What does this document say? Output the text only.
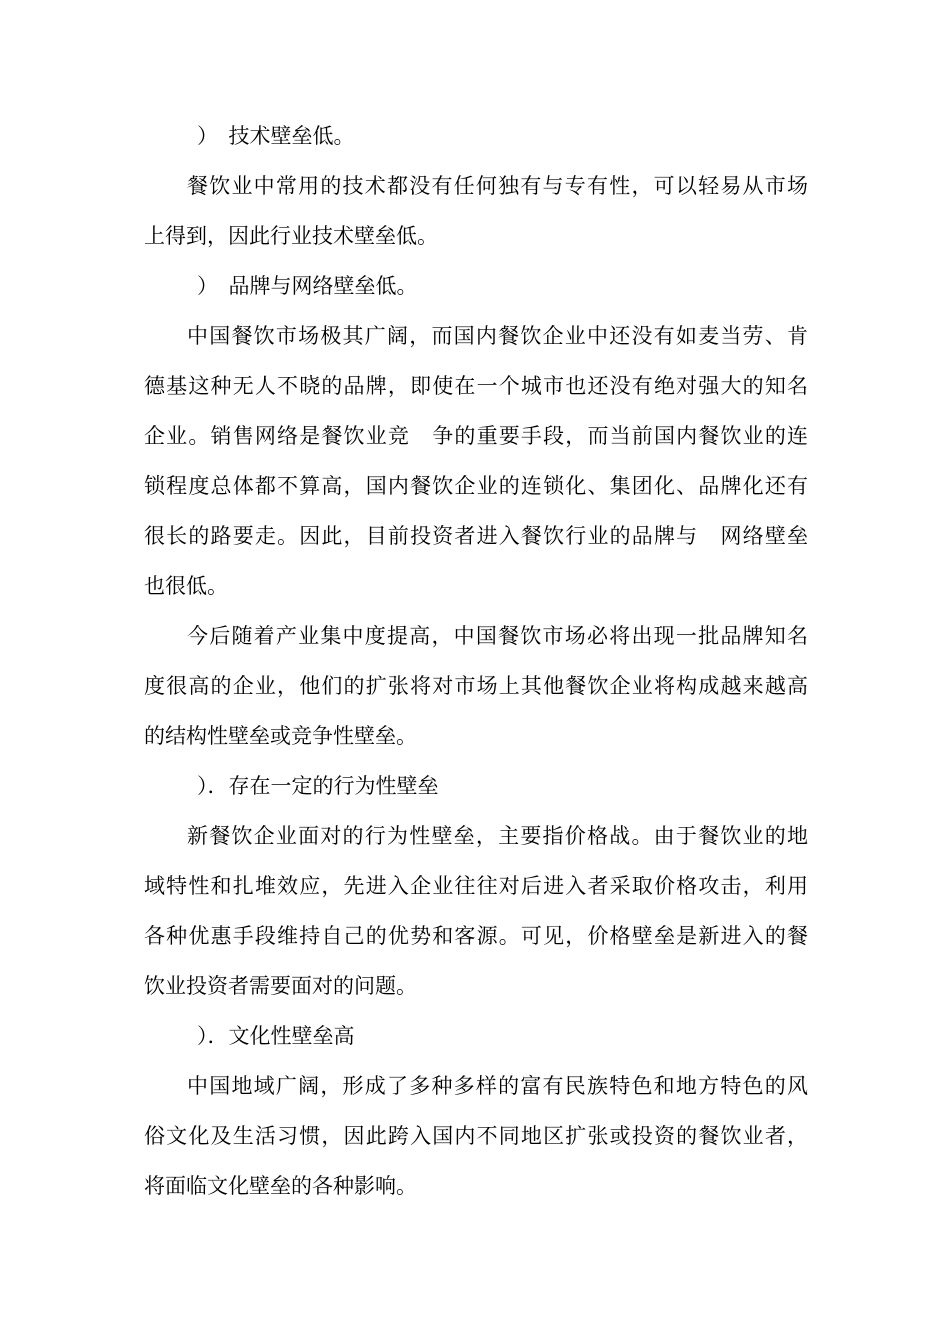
）　技术壁垒低。
餐饮业中常用的技术都没有任何独有与专有性，可以轻易从市场
上得到，因此行业技术壁垒低。
）　品牌与网络壁垒低。
中国餐饮市场极其广阔，而国内餐饮企业中还没有如麦当劳、肯
德基这种无人不晓的品牌，即使在一个城市也还没有绝对强大的知名
企业。销售网络是餐饮业竞　争的重要手段，而当前国内餐饮业的连
锁程度总体都不算高，国内餐饮企业的连锁化、集团化、品牌化还有
很长的路要走。因此，目前投资者进入餐饮行业的品牌与　网络壁垒
也很低。
今后随着产业集中度提高，中国餐饮市场必将出现一批品牌知名
度很高的企业，他们的扩张将对市场上其他餐饮企业将构成越来越高
的结构性壁垒或竞争性壁垒。
）．存在一定的行为性壁垒
新餐饮企业面对的行为性壁垒，主要指价格战。由于餐饮业的地
域特性和扎堆效应，先进入企业往往对后进入者采取价格攻击，利用
各种优惠手段维持自己的优势和客源。可见，价格壁垒是新进入的餐
饮业投资者需要面对的问题。
）．文化性壁垒高
中国地域广阔，形成了多种多样的富有民族特色和地方特色的风
俗文化及生活习惯，因此跨入国内不同地区扩张或投资的餐饮业者，
将面临文化壁垒的各种影响。
